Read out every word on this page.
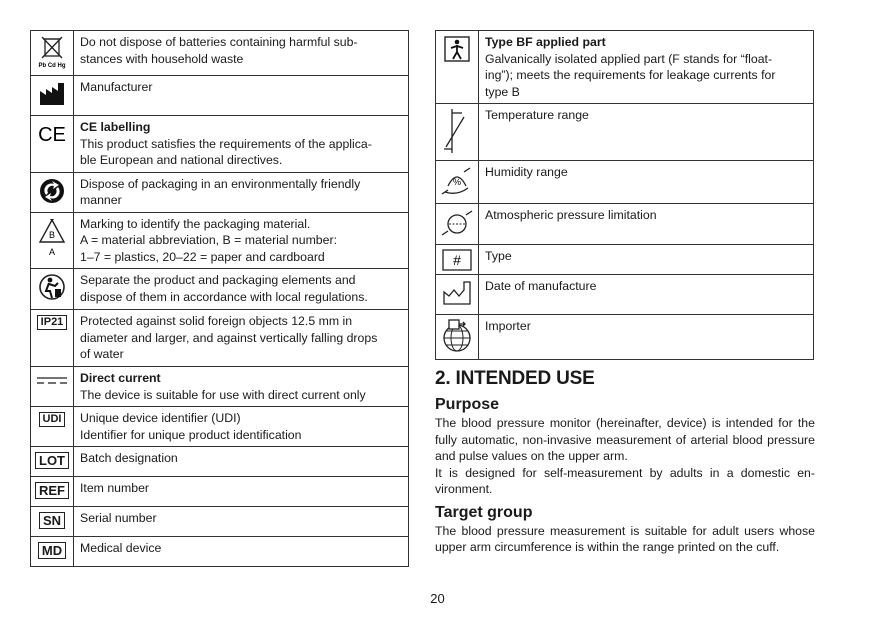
Pb Cd Hg	Do not dispose of batteries containing harmful sub-
stances with household waste

Manufacturer

CE	CE labelling
This product satisfies the requirements of the applica-
ble European and national directives.

Dispose of packaging in an environmentally friendly
manner

B
A	Marking to identify the packaging material.
A = material abbreviation, B = material number:
1–7 = plastics, 20–22 = paper and cardboard

Separate the product and packaging elements and
dispose of them in accordance with local regulations.

IP21	Protected against solid foreign objects 12.5 mm in
diameter and larger, and against vertically falling drops
of water

Direct current
The device is suitable for use with direct current only

UDI	Unique device identifier (UDI)
Identifier for unique product identification

LOT	Batch designation

REF	Item number

SN	Serial number

MD	Medical device

Type BF applied part
Galvanically isolated applied part (F stands for “float-
ing”); meets the requirements for leakage currents for
type B

Temperature range

%	Humidity range

Atmospheric pressure limitation

#	Type

Date of manufacture

Importer
2. INTENDED USE
Purpose

The blood pressure monitor (hereinafter, device) is intended for the fully automatic, non-invasive measurement of arterial blood pressure and pulse values on the upper arm.

It is designed for self-measurement by adults in a domestic en-vironment.

Target group

The blood pressure measurement is suitable for adult users whose upper arm circumference is within the range printed on the cuff.

20
